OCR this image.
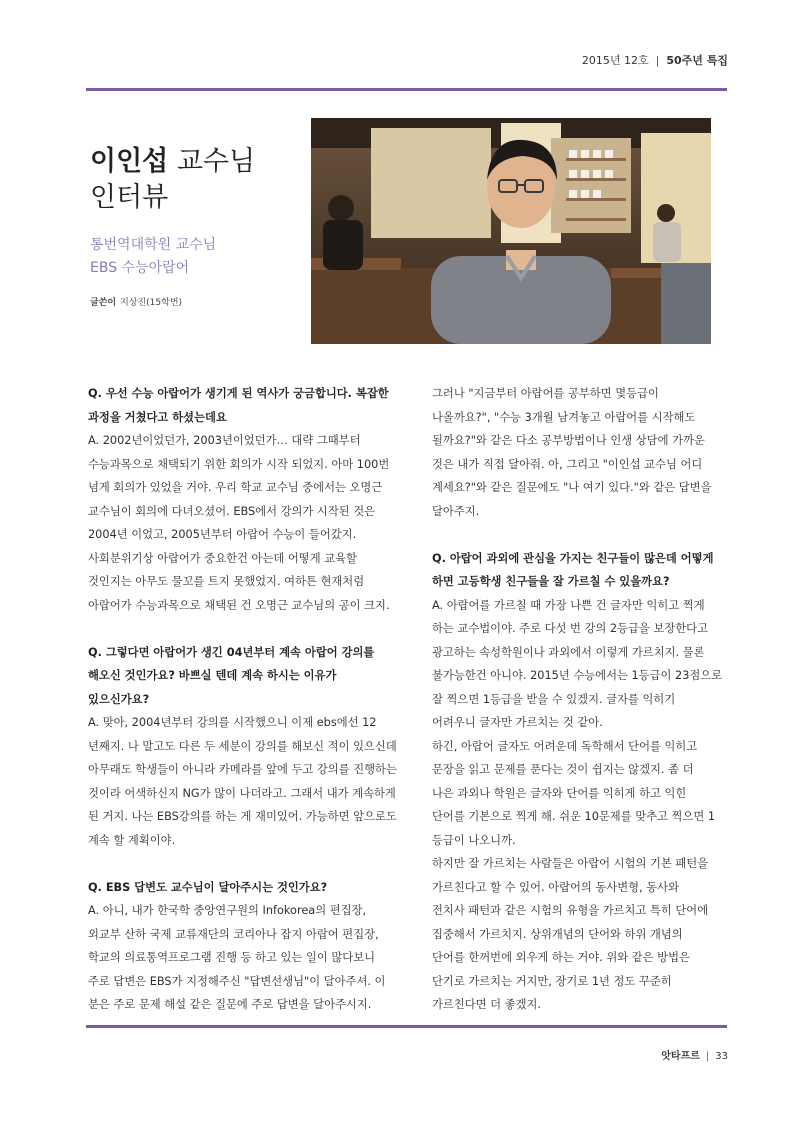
2015년 12호 | 50주년 특집
이인섭 교수님
인터뷰
통번역대학원 교수님
EBS 수능아랍어
글쓴이 지상진(15학번)

Q. 우선 수능 아랍어가 생기게 된 역사가 궁금합니다. 복잡한

과정을 거쳤다고 하셨는데요

A. 2002년이었던가, 2003년이었던가… 대략 그때부터

수능과목으로 채택되기 위한 회의가 시작 되었지. 아마 100번

넘게 회의가 있었을 거야. 우리 학교 교수님 중에서는 오명근

교수님이 회의에 다녀오셨어. EBS에서 강의가 시작된 것은

2004년 이었고, 2005년부터 아랍어 수능이 들어갔지.

사회분위기상 아랍어가 중요한건 아는데 어떻게 교육할

것인지는 아무도 물꼬를 트지 못했었지. 여하튼 현재처럼

아랍어가 수능과목으로 채택된 건 오명근 교수님의 공이 크지.

Q. 그렇다면 아랍어가 생긴 04년부터 계속 아랍어 강의를

해오신 것인가요? 바쁘실 텐데 계속 하시는 이유가

있으신가요?

A. 맞아, 2004년부터 강의를 시작했으니 이제 ebs에선 12

년째지. 나 말고도 다른 두 세분이 강의를 해보신 적이 있으신데

아무래도 학생들이 아니라 카메라를 앞에 두고 강의를 진행하는

것이라 어색하신지 NG가 많이 나더라고. 그래서 내가 계속하게

된 거지. 나는 EBS강의를 하는 게 재미있어. 가능하면 앞으로도

계속 할 계획이야.

Q. EBS 답변도 교수님이 달아주시는 것인가요?

A. 아니, 내가 한국학 중앙연구원의 Infokorea의 편집장,

외교부 산하 국제 교류재단의 코리아나 잡지 아랍어 편집장,

학교의 의료통역프로그램 진행 등 하고 있는 일이 많다보니

주로 답변은 EBS가 지정해주신 "답변선생님"이 달아주셔. 이

분은 주로 문제 해설 같은 질문에 주로 답변을 달아주시지.

그러나 "지금부터 아랍어를 공부하면 몇등급이

나올까요?", "수능 3개월 남겨놓고 아랍어를 시작해도

될까요?"와 같은 다소 공부방법이나 인생 상담에 가까운

것은 내가 직접 달아줘. 아, 그리고 "이인섭 교수님 어디

계세요?"와 같은 질문에도 "나 여기 있다."와 같은 답변을

달아주지.

Q. 아랍어 과외에 관심을 가지는 친구들이 많은데 어떻게

하면 고등학생 친구들을 잘 가르칠 수 있을까요?

A. 아랍어를 가르칠 때 가장 나쁜 건 글자만 익히고 찍게

하는 교수법이야. 주로 다섯 번 강의 2등급을 보장한다고

광고하는 속성학원이나 과외에서 이렇게 가르치지. 물론

불가능한건 아니야. 2015년 수능에서는 1등급이 23점으로

잘 찍으면 1등급을 받을 수 있겠지. 글자를 익히기

어려우니 글자만 가르치는 것 같아.

하긴, 아랍어 글자도 어려운데 독학해서 단어를 익히고

문장을 읽고 문제를 푼다는 것이 쉽지는 않겠지. 좀 더

나은 과외나 학원은 글자와 단어를 익히게 하고 익힌

단어를 기본으로 찍게 해. 쉬운 10문제를 맞추고 찍으면 1

등급이 나오니까.

하지만 잘 가르치는 사람들은 아랍어 시험의 기본 패턴을

가르친다고 할 수 있어. 아랍어의 동사변형, 동사와

전치사 패턴과 같은 시험의 유형을 가르치고 특히 단어에

집중해서 가르치지. 상위개념의 단어와 하위 개념의

단어를 한꺼번에 외우게 하는 거야. 위와 같은 방법은

단기로 가르치는 거지만, 장기로 1년 정도 꾸준히

가르친다면 더 좋겠지.

앗타프르 | 33
